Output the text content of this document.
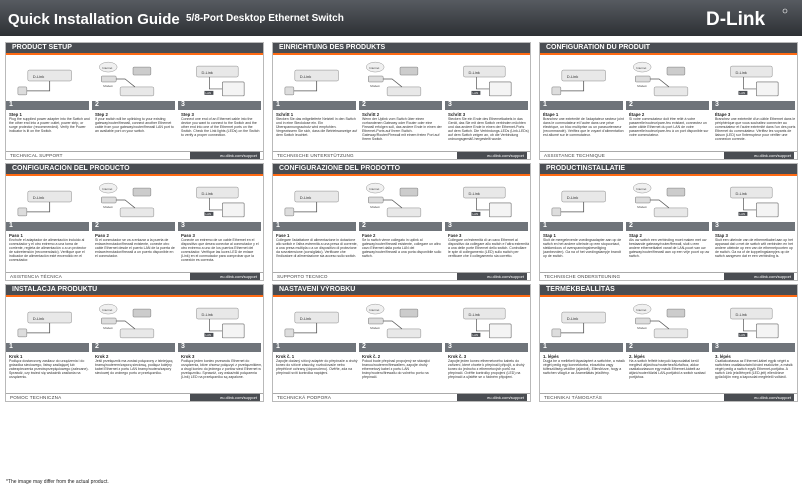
Quick Installation Guide 5/8-Port Desktop Ethernet Switch	D-Link
PRODUCT SETUP
D-Link
Internet
Modem
D-Link
LAN
1
Step 1
Plug the supplied power adapter into the Switch and the other end into a power outlet, power strip, or surge protector (recommended). Verify the Power indicator is lit on the Switch.
2
Step 2
If your switch will be uplinking to your existing gateway/router/firewall, connect another Ethernet cable from your gateway/router/firewall LAN port to an available port on your switch.
3
Step 3
Connect one end of an Ethernet cable into the device you want to connect to the Switch and the other end into one of the Ethernet ports on the Switch. Check the Link lights (LEDs) on the Switch to verify a proper connection.
TECHNICAL SUPPORT	eu.dlink.com/support
EINRICHTUNG DES PRODUKTS
D-Link
Internet
Modem
D-Link
LAN
1
Schritt 1
Stecken Sie das mitgelieferte Netzteil in den Switch und in eine Steckdose ein. Ein Überspannungsschutz wird empfohlen. Vergewissern Sie sich, dass die Betriebsanzeige auf dem Switch leuchtet.
2
Schritt 2
Wenn der Uplink vom Switch über einen vorhandenen Gateway oder Router oder eine Firewall erfolgen soll, das andere Ende in einen der Ethernet-Ports auf Ihrem Switch. Gateway/Router/Firewall mit einem freien Port auf Ihrem Switch.
3
Schritt 3
Stecken Sie ein Ende des Ethernetkabels in das Gerät, das Sie mit dem Switch verbinden möchten und das andere Ende in einen der Ethernet-Ports auf dem Switch. Die Verbindungs-LEDs (Link-LEDs) auf dem Switch zeigen an, ob die Verbindung ordnungsgemäß hergestellt wurde.
TECHNISCHE UNTERSTÜTZUNG	eu.dlink.com/support
CONFIGURATION DU PRODUIT
D-Link
Internet
Modem
D-Link
LAN
1
Étape 1
Branchez une extrémité de l'adaptateur secteur joint dans le commutateur et l'autre dans une prise électrique, un bloc multiprise ou un parasurtenseur (recommandé). Vérifiez que le voyant d'alimentation est allumé sur le commutateur.
2
Étape 2
Si votre commutateur doit être relié à votre passerelle/routeur/pare-feu existant, connectez un autre câble Ethernet du port LAN de votre passerelle/routeur/pare-feu à un port disponible sur votre commutateur.
3
Étape 3
Branchez une extrémité d'un câble Ethernet dans le périphérique que vous souhaitez connecter au commutateur et l'autre extrémité dans l'un des ports Ethernet du commutateur. Vérifiez les voyants de liaison (LED) sur l'interrupteur pour vérifier une connexion correcte.
ASSISTANCE TECHNIQUE	eu.dlink.com/support
CONFIGURACIÓN DEL PRODUCTO
D-Link
Internet
Modem
D-Link
LAN
1
Paso 1
Enchufe el adaptador de alimentación incluido al conmutador y el otro extremo a una toma de corriente, regleta de alimentación o a un protector de sobretensión (recomendado). Verifique que el indicador de alimentación esté encendido en el conmutador.
2
Paso 2
Si el conmutador se va a enlazar a la puerta de enlace/enrutador/firewall existente, conecte otro cable Ethernet desde el puerto LAN de la puerta de enlace/enrutador/firewall a un puerto disponible en el conmutador.
3
Paso 3
Conecte un extremo de un cable Ethernet en el dispositivo que desea conectar al conmutador y el otro extremo a uno de los puertos Ethernet del conmutador. Verifique las luces LED de enlace (Link) en el conmutador para comprobar que la conexión es correcta.
ASISTENCIA TÉCNICA	eu.dlink.com/support
CONFIGURAZIONE DEL PRODOTTO
D-Link
Internet
Modem
D-Link
LAN
1
Fase 1
Collegare l'adattatore di alimentazione in dotazione allo switch e l'altra estremità a una presa di corrente, a una presa multipla o a un dispositivo di protezione da sovratensione (consigliato). Verificare che l'indicatore di alimentazione sia acceso sullo switch.
2
Fase 2
Se lo switch viene collegato in uplink al gateway/router/firewall esistente, collegare un altro cavo Ethernet dalla porta LAN del gateway/router/firewall a una porta disponibile sullo switch.
3
Fase 3
Collegare un'estremità di un cavo Ethernet al dispositivo da collegare allo switch e l'altra estremità a una delle porte Ethernet dello switch. Controllare le spie di collegamento (LED) sullo switch per verificare che il collegamento sia corretto.
SUPPORTO TECNICO	eu.dlink.com/support
PRODUCTINSTALLATIE
D-Link
Internet
Modem
D-Link
LAN
1
Stap 1
Sluit de meegeleverde voedingsadapter aan op de switch en het andere uiteinde op een stopcontact, stekkerdoos of overspanningsbeveiliging (aanbevolen). Ga na of het voedingslampje brandt op de switch.
2
Stap 2
Als uw switch een verbinding moet maken met uw bestaande gateway/router/firewall, sluit u een andere ethernetkabel vanaf de LAN-poort van uw gateway/router/firewall aan op een vrije poort op uw switch.
3
Stap 3
Sluit een uiteinde van de ethernetkabel aan op het apparaat dat u met de switch wilt verbinden en het andere uiteinde op een van de ethernetpoorten op de switch. Ga na of de koppelingslampjes op de switch aangeven dat er een verbinding is.
TECHNISCHE ONDERSTEUNING	eu.dlink.com/support
INSTALACJA PRODUKTU
D-Link
Internet
Modem
D-Link
LAN
1
Krok 1
Podłącz dostarczony zasilacz do urządzenia i do gniazdka sieciowego, listwy zasilającej lub zabezpieczenia przeciwprzepięciowego (zalecane). Sprawdź, czy świeci się wskaźnik zasilania na urządzeniu.
2
Krok 2
Jeśli przełącznik ma zostać połączony z istniejącą bramą/routerem/zaporą sieciową, podłącz kolejny kabel Ethernet z portu LAN bramy/routera/zapory sieciowej do wolnego portu w przełączniku.
3
Krok 3
Podłącz jeden koniec przewodu Ethernet do urządzenia, które chcesz połączyć z przełącznikiem, a drugi koniec do jednego z portów sieci Ethernet w przełączniku. Sprawdź, czy wskaźniki połączenia (Link) LED na przełączniku są zapalone.
POMOC TECHNICZNA	eu.dlink.com/support
NASTAVENÍ VÝROBKU
D-Link
Internet
Modem
D-Link
LAN
1
Krok č. 1
Zapojte dodaný síťový adaptér do přepínače a druhý konec do síťové zásuvky, rozbočovače nebo přepěťové ochrany (doporučeno). Ověřte, zda na přepínači svítí kontrolka napájení.
2
Krok č. 2
Pokud bude přepínač propojený se stávající branou/routerem/firewallem, zapojte druhý ethernetový kabel z portu LAN brány/routeru/firewallu do volného portu na přepínači.
3
Krok č. 3
Zapojte jeden konec ethernetového kabelu do zařízení, které chcete k přepínači připojit, a druhý konec do jednoho z ethernetových portů na přepínači. Ověřte kontrolky propojení (LED) na přepínači a ujistěte se o řádném připojení.
TECHNICKÁ PODPORA	eu.dlink.com/support
TERMÉKBEÁLLÍTÁS
D-Link
Internet
Modem
D-Link
LAN
1
1. lépés
Dugja be a mellékelt tápadaptert a switchbe, a másik végét pedig egy konnektorba, elosztóba vagy túlfeszültség-védőbe (ajánlott). Ellenőrizze, hogy a switchen világít-e az Áramellátás jelzőfény.
2
2. lépés
Ha a switch felfelé irányuló kapcsolattal kerül meglévő átjáróhoz/routerhez/tűzfalhoz, akkor csatlakoztasson egy másik Ethernet-kábelt az átjáró/router/tűzfal LAN-portjából a switch szabad portjához.
3
3. lépés
Csatlakoztassa az Ethernet-kábel egyik végét a switchhez csatlakoztatni kívánt eszközbe, a másik végét pedig a switch egyik Ethernet-portjába. A switch Link jelzőfényeit (LED-jeit) ellenőrizve győződjön meg a kapcsolat megfelelő voltáról.
TECHNIKAI TÁMOGATÁS	eu.dlink.com/support
*The image may differ from the actual product.
